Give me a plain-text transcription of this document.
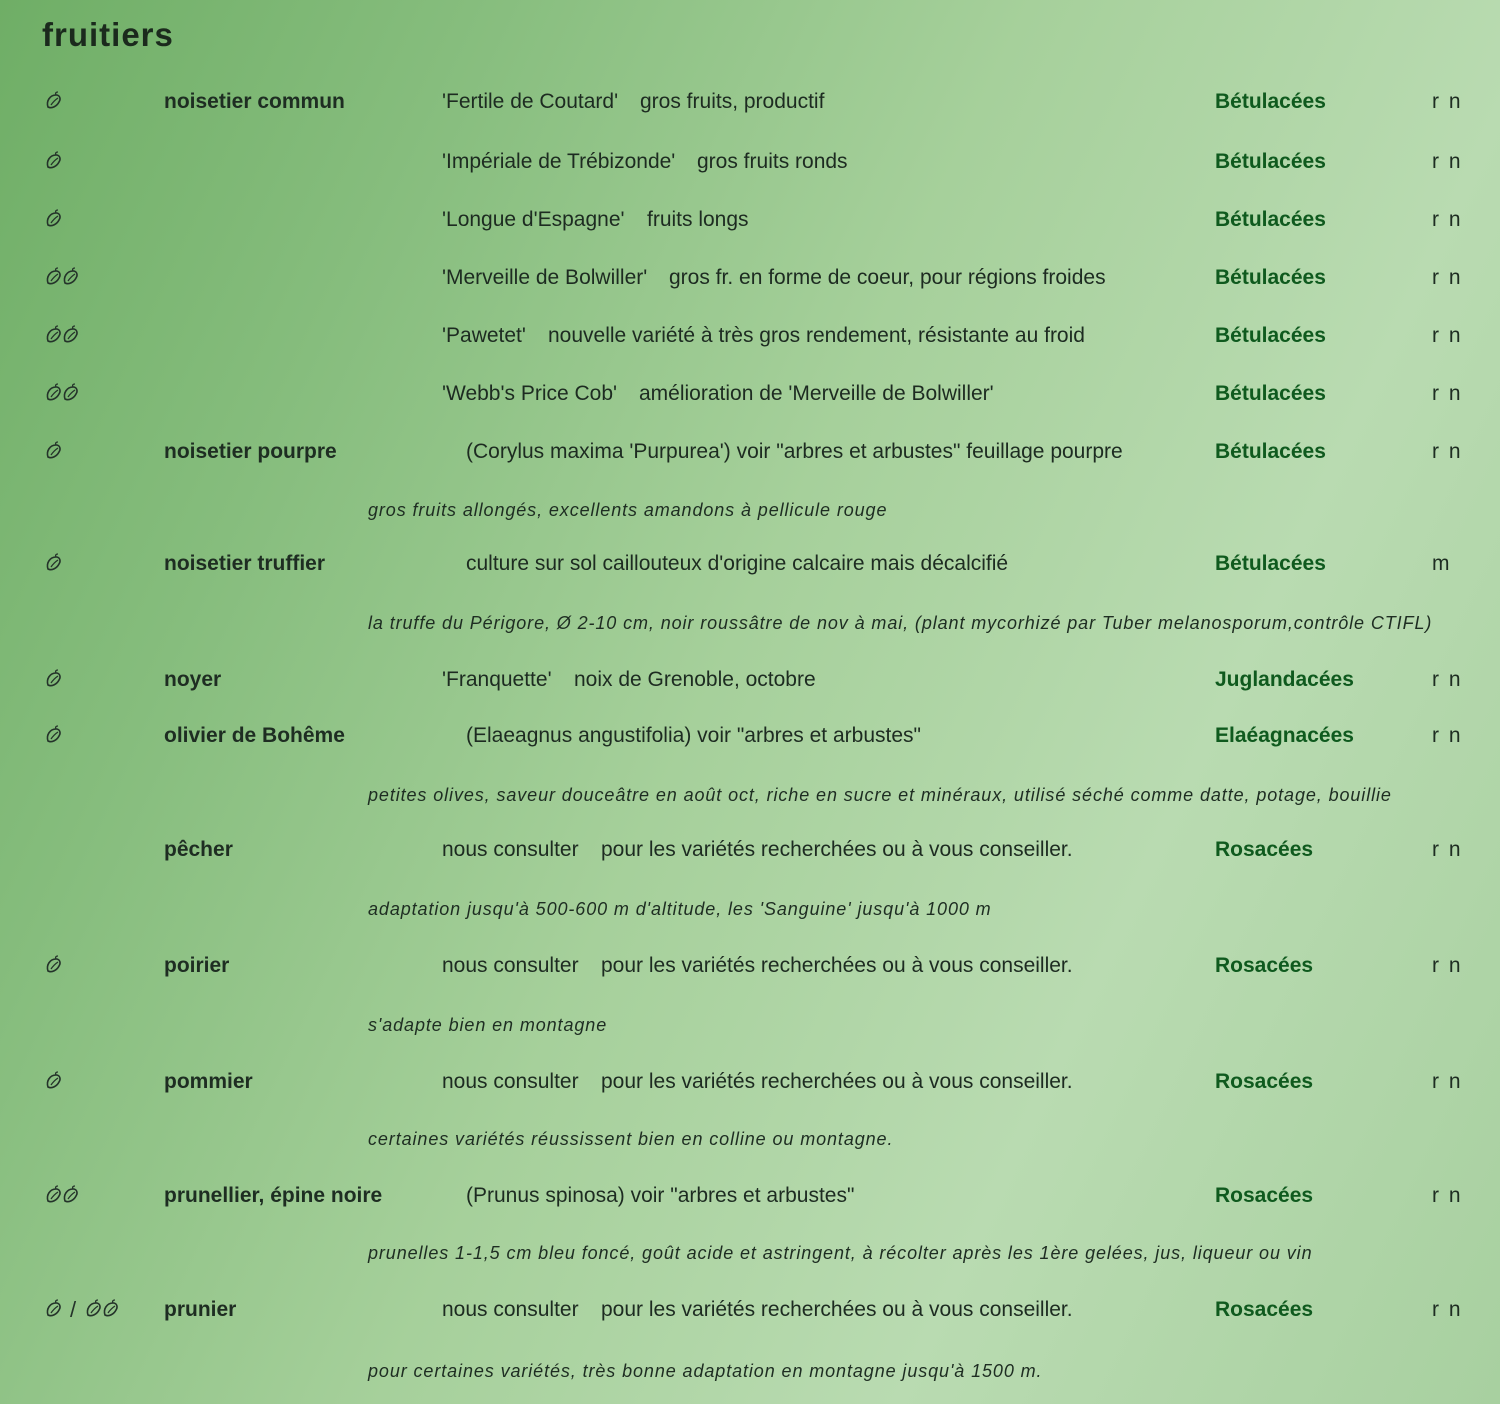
fruitiers
noisetier commun	'Fertile de Coutard' gros fruits, productif	Bétulacées	r n
'Impériale de Trébizonde' gros fruits ronds	Bétulacées	r n
'Longue d'Espagne' fruits longs	Bétulacées	r n
'Merveille de Bolwiller' gros fr. en forme de coeur, pour régions froides	Bétulacées	r n
'Pawetet' nouvelle variété à très gros rendement, résistante au froid	Bétulacées	r n
'Webb's Price Cob' amélioration de 'Merveille de Bolwiller'	Bétulacées	r n
noisetier pourpre	(Corylus maxima 'Purpurea') voir "arbres et arbustes" feuillage pourpre	Bétulacées	r n
gros fruits allongés, excellents amandons à pellicule rouge
noisetier truffier	culture sur sol caillouteux d'origine calcaire mais décalcifié	Bétulacées	m
la truffe du Périgore, Ø 2-10 cm, noir roussâtre de nov à mai, (plant mycorhizé par Tuber melanosporum,contrôle CTIFL)
noyer	'Franquette' noix de Grenoble, octobre	Juglandacées	r n
olivier de Bohême	(Elaeagnus angustifolia) voir "arbres et arbustes"	Elaéagnacées	r n
petites olives, saveur douceâtre en août oct, riche en sucre et minéraux, utilisé séché comme datte, potage, bouillie
pêcher	nous consulter pour les variétés recherchées ou à vous conseiller.	Rosacées	r n
adaptation jusqu'à 500-600 m d'altitude, les 'Sanguine' jusqu'à 1000 m
poirier	nous consulter pour les variétés recherchées ou à vous conseiller.	Rosacées	r n
s'adapte bien en montagne
pommier	nous consulter pour les variétés recherchées ou à vous conseiller.	Rosacées	r n
certaines variétés réussissent bien en colline ou montagne.
prunellier, épine noire	(Prunus spinosa) voir "arbres et arbustes"	Rosacées	r n
prunelles 1-1,5 cm bleu foncé, goût acide et astringent, à récolter après les 1ère gelées, jus, liqueur ou vin
/	prunier	nous consulter pour les variétés recherchées ou à vous conseiller.	Rosacées	r n
pour certaines variétés, très bonne adaptation en montagne jusqu'à 1500 m.
